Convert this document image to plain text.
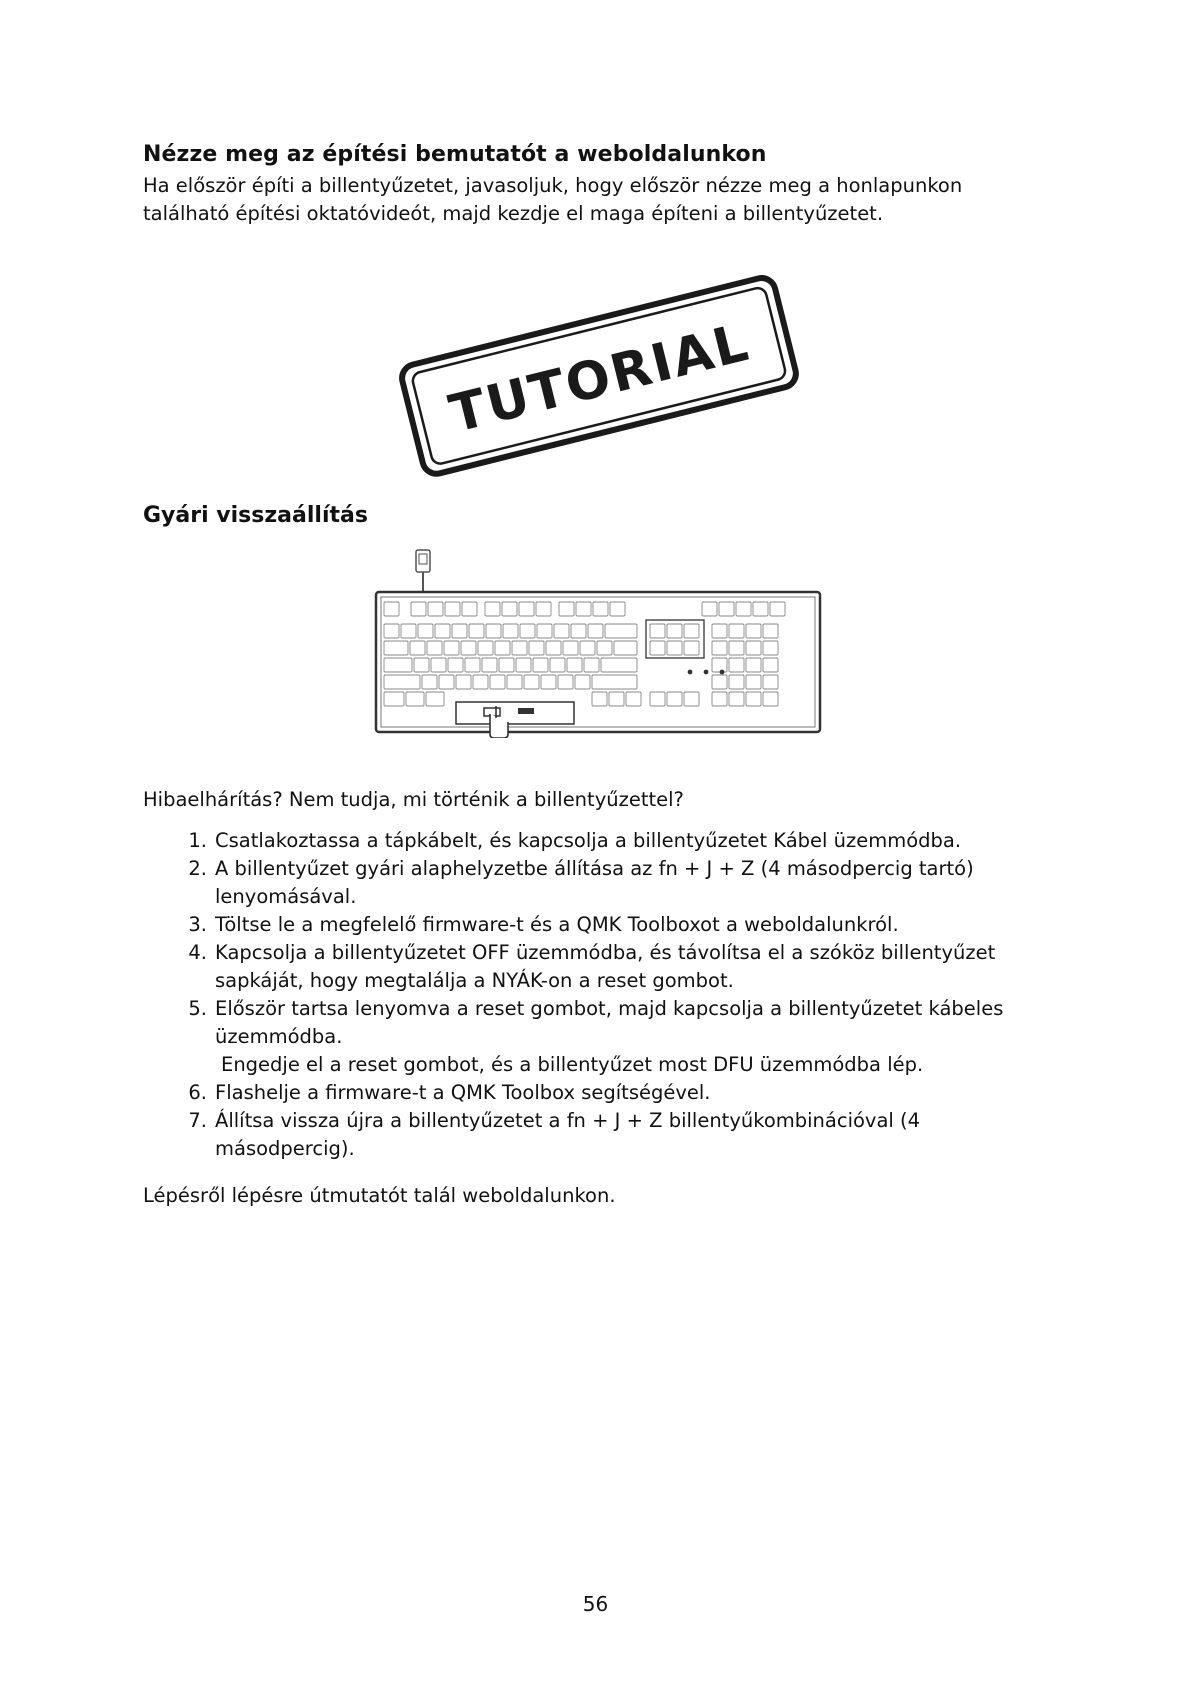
Nézze meg az építési bemutatót a weboldalunkon

Ha először építi a billentyűzetet, javasoljuk, hogy először nézze meg a honlapunkon található építési oktatóvideót, majd kezdje el maga építeni a billentyűzetet.

TUTORIAL
Gyári visszaállítás

Hibaelhárítás? Nem tudja, mi történik a billentyűzettel?

1. Csatlakoztassa a tápkábelt, és kapcsolja a billentyűzetet Kábel üzemmódba.
2. A billentyűzet gyári alaphelyzetbe állítása az fn + J + Z (4 másodpercig tartó) lenyomásával.
3. Töltse le a megfelelő firmware-t és a QMK Toolboxot a weboldalunkról.
4. Kapcsolja a billentyűzetet OFF üzemmódba, és távolítsa el a szóköz billentyűzet sapkáját, hogy megtalálja a NYÁK-on a reset gombot.
5. Először tartsa lenyomva a reset gombot, majd kapcsolja a billentyűzetet kábeles üzemmódba.
Engedje el a reset gombot, és a billentyűzet most DFU üzemmódba lép.
6. Flashelje a firmware-t a QMK Toolbox segítségével.
7. Állítsa vissza újra a billentyűzetet a fn + J + Z billentyűkombinációval (4 másodpercig).

Lépésről lépésre útmutatót talál weboldalunkon.

56
